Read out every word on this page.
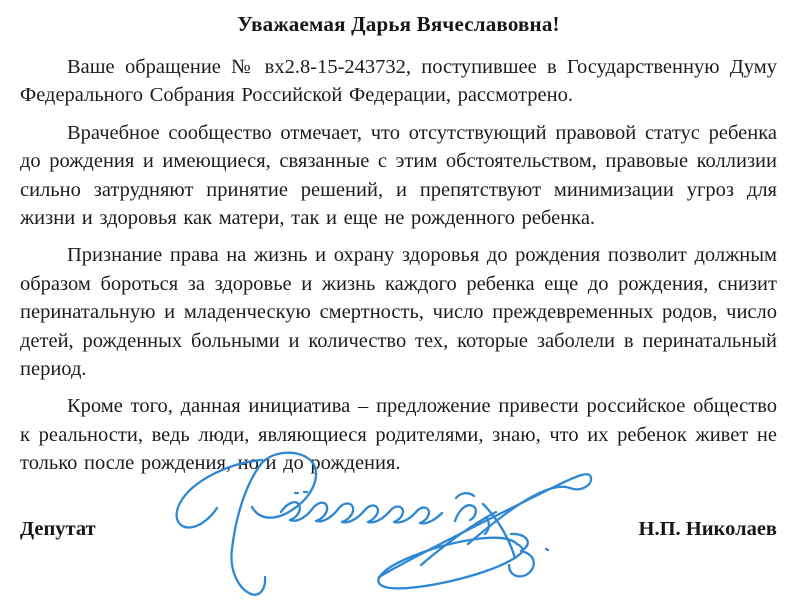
Уважаемая Дарья Вячеславовна!

Ваше обращение № вх2.8-15-243732, поступившее в Государственную Думу Федерального Собрания Российской Федерации, рассмотрено.

Врачебное сообщество отмечает, что отсутствующий правовой статус ребенка до рождения и имеющиеся, связанные с этим обстоятельством, правовые коллизии сильно затрудняют принятие решений, и препятствуют минимизации угроз для жизни и здоровья как матери, так и еще не рожденного ребенка.

Признание права на жизнь и охрану здоровья до рождения позволит должным образом бороться за здоровье и жизнь каждого ребенка еще до рождения, снизит перинатальную и младенческую смертность, число преждевременных родов, число детей, рожденных больными и количество тех, которые заболели в перинатальный период.

Кроме того, данная инициатива – предложение привести российское общество к реальности, ведь люди, являющиеся родителями, знаю, что их ребенок живет не только после рождения, но и до рождения.

Депутат	Н.П. Николаев
